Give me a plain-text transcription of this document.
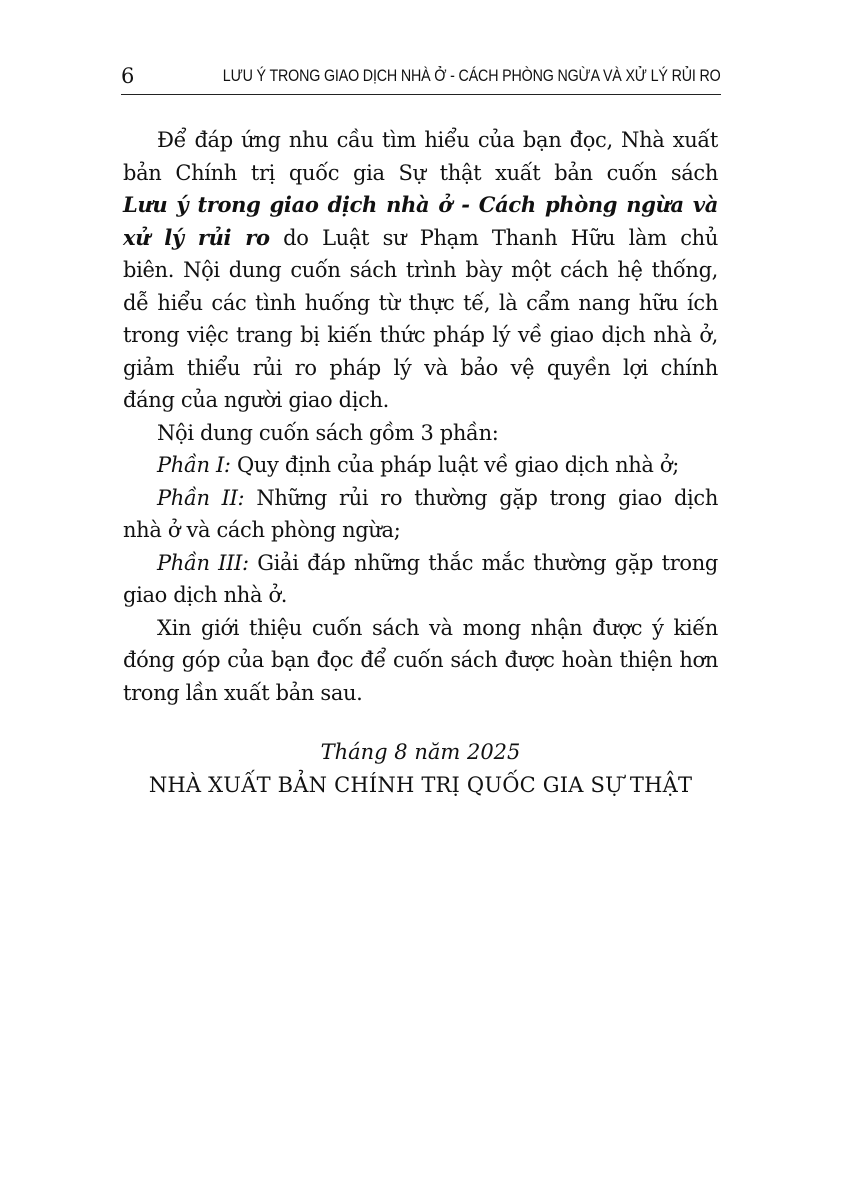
6	LƯU Ý TRONG GIAO DỊCH NHÀ Ở - CÁCH PHÒNG NGỪA VÀ XỬ LÝ RỦI RO
Để đáp ứng nhu cầu tìm hiểu của bạn đọc, Nhà xuất
bản Chính trị quốc gia Sự thật xuất bản cuốn sách
Lưu ý trong giao dịch nhà ở - Cách phòng ngừa và
xử lý rủi ro do Luật sư Phạm Thanh Hữu làm chủ
biên. Nội dung cuốn sách trình bày một cách hệ thống,
dễ hiểu các tình huống từ thực tế, là cẩm nang hữu ích
trong việc trang bị kiến thức pháp lý về giao dịch nhà ở,
giảm thiểu rủi ro pháp lý và bảo vệ quyền lợi chính
đáng của người giao dịch.
Nội dung cuốn sách gồm 3 phần:
Phần I: Quy định của pháp luật về giao dịch nhà ở;
Phần II: Những rủi ro thường gặp trong giao dịch
nhà ở và cách phòng ngừa;
Phần III: Giải đáp những thắc mắc thường gặp trong
giao dịch nhà ở.
Xin giới thiệu cuốn sách và mong nhận được ý kiến
đóng góp của bạn đọc để cuốn sách được hoàn thiện hơn
trong lần xuất bản sau.
Tháng 8 năm 2025
NHÀ XUẤT BẢN CHÍNH TRỊ QUỐC GIA SỰ THẬT
